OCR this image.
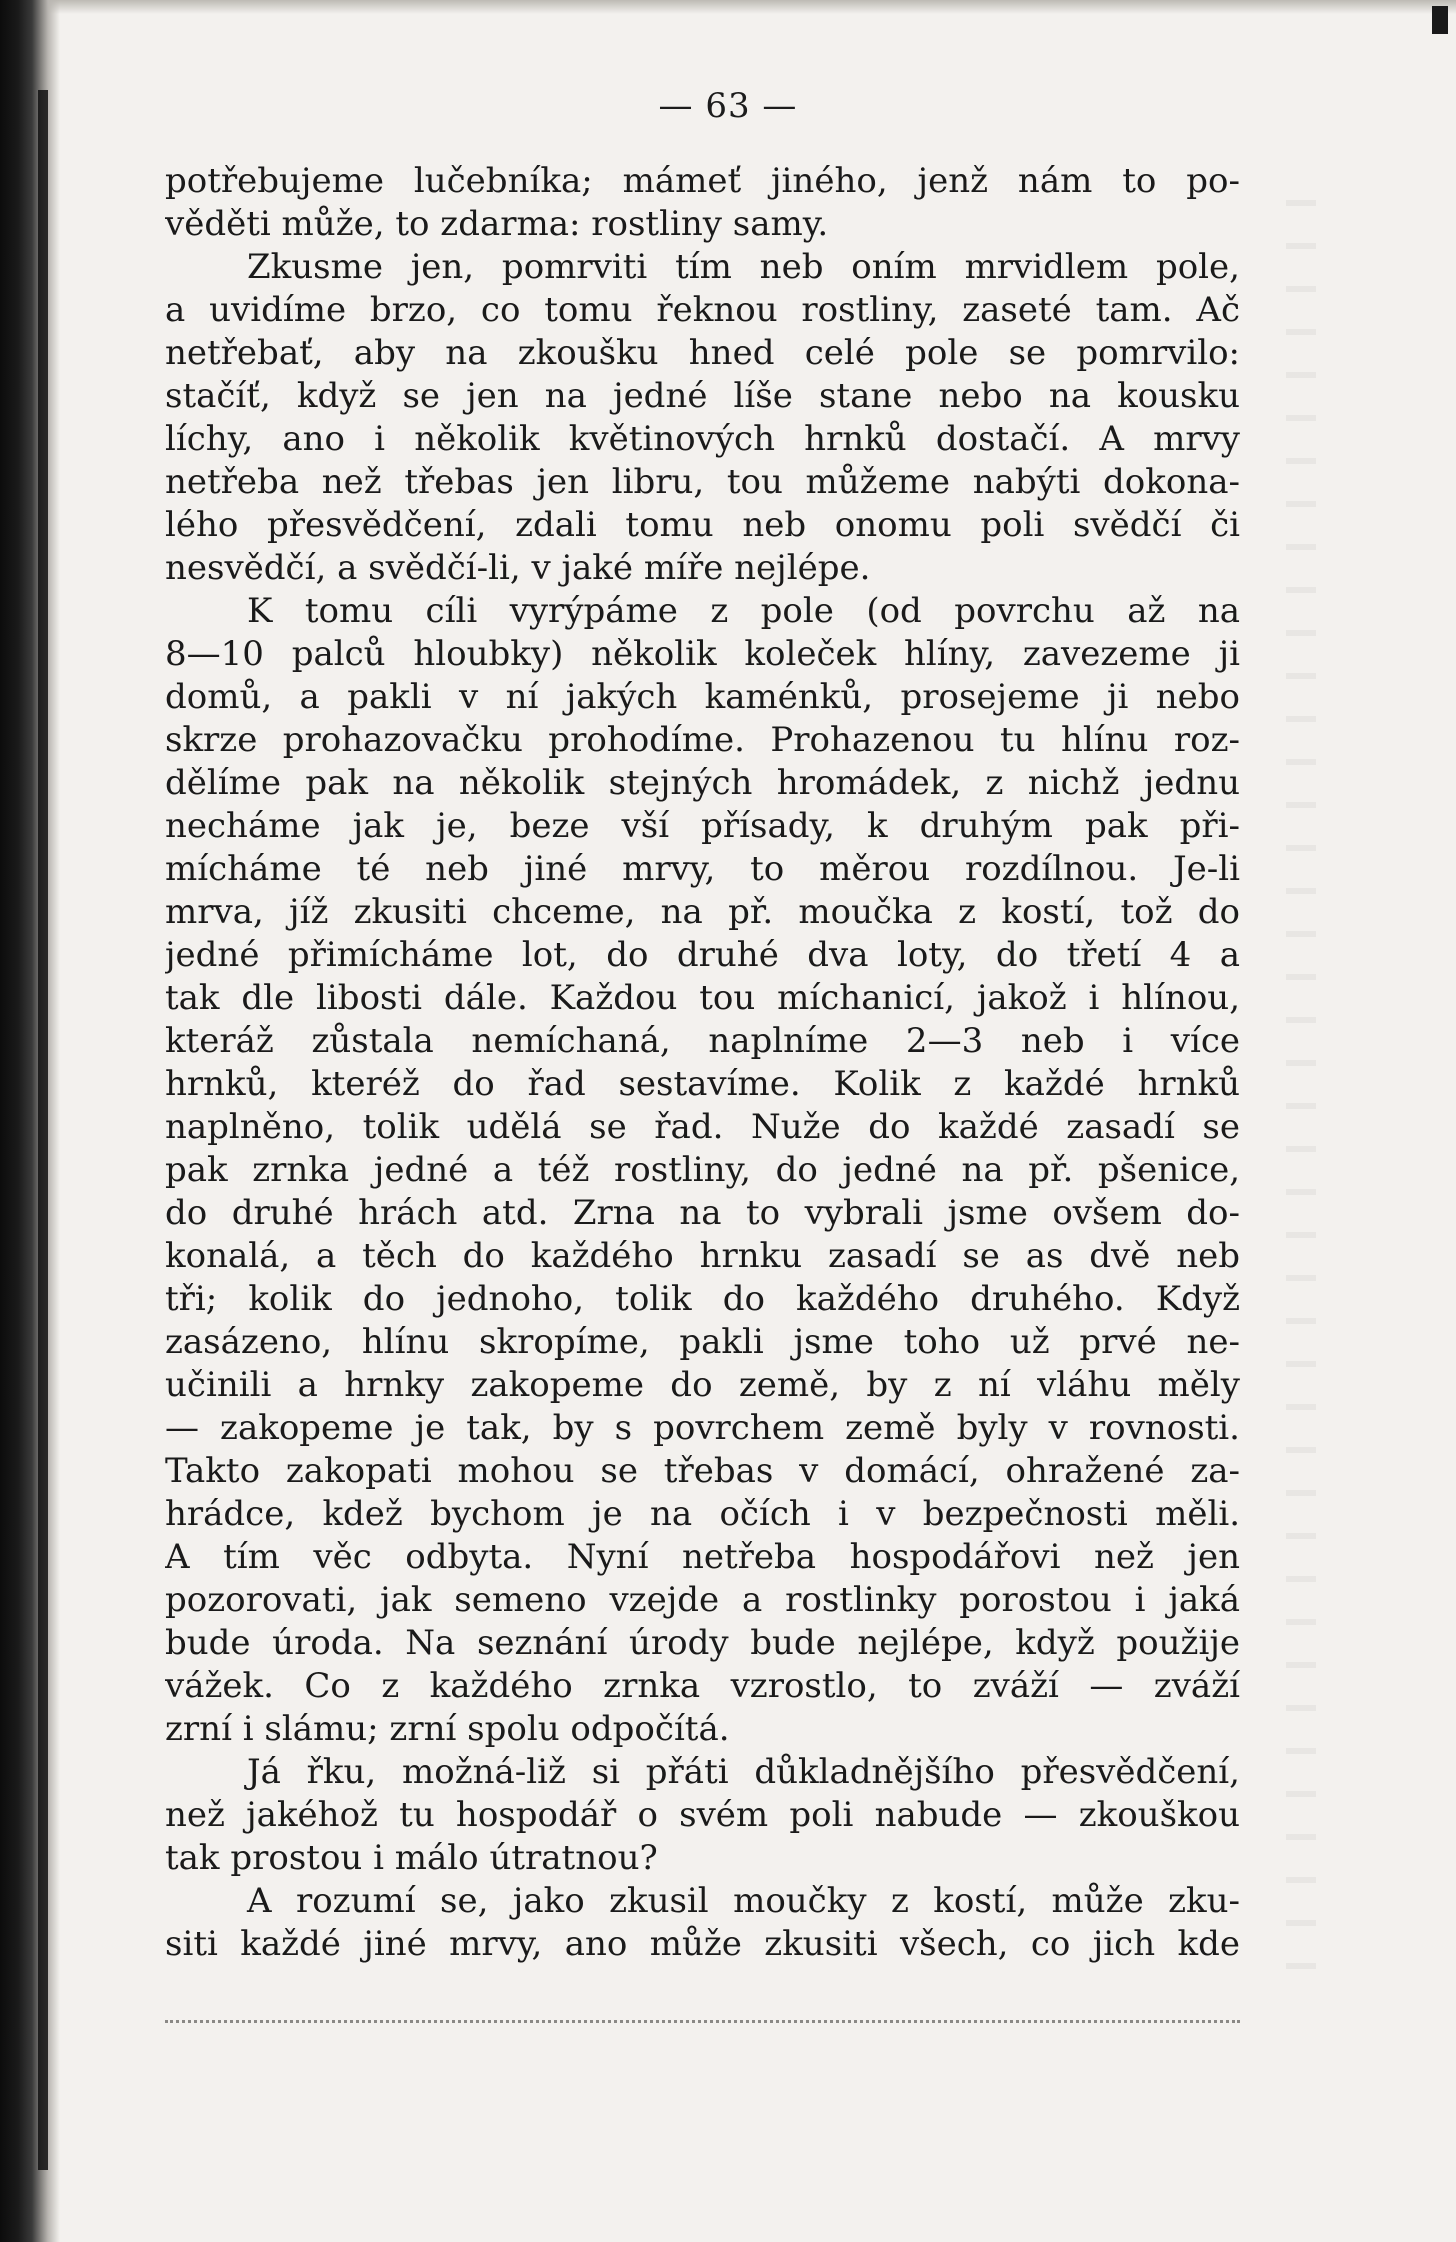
— 63 —
potřebujeme lučebníka; mámeť jiného, jenž nám to po-
věděti může, to zdarma: rostliny samy.
Zkusme jen, pomrviti tím neb oním mrvidlem pole,
a uvidíme brzo, co tomu řeknou rostliny, zaseté tam. Ač
netřebať, aby na zkoušku hned celé pole se pomrvilo:
stačíť, když se jen na jedné líše stane nebo na kousku
líchy, ano i několik květinových hrnků dostačí. A mrvy
netřeba než třebas jen libru, tou můžeme nabýti dokona-
lého přesvědčení, zdali tomu neb onomu poli svědčí či
nesvědčí, a svědčí-li, v jaké míře nejlépe.
K tomu cíli vyrýpáme z pole (od povrchu až na
8—10 palců hloubky) několik koleček hlíny, zavezeme ji
domů, a pakli v ní jakých kaménků, prosejeme ji nebo
skrze prohazovačku prohodíme. Prohazenou tu hlínu roz-
dělíme pak na několik stejných hromádek, z nichž jednu
necháme jak je, beze vší přísady, k druhým pak při-
mícháme té neb jiné mrvy, to měrou rozdílnou. Je-li
mrva, jíž zkusiti chceme, na př. moučka z kostí, tož do
jedné přimícháme lot, do druhé dva loty, do třetí 4 a
tak dle libosti dále. Každou tou míchanicí, jakož i hlínou,
kteráž zůstala nemíchaná, naplníme 2—3 neb i více
hrnků, kteréž do řad sestavíme. Kolik z každé hrnků
naplněno, tolik udělá se řad. Nuže do každé zasadí se
pak zrnka jedné a též rostliny, do jedné na př. pšenice,
do druhé hrách atd. Zrna na to vybrali jsme ovšem do-
konalá, a těch do každého hrnku zasadí se as dvě neb
tři; kolik do jednoho, tolik do každého druhého. Když
zasázeno, hlínu skropíme, pakli jsme toho už prvé ne-
učinili a hrnky zakopeme do země, by z ní vláhu měly
— zakopeme je tak, by s povrchem země byly v rovnosti.
Takto zakopati mohou se třebas v domácí, ohražené za-
hrádce, kdež bychom je na očích i v bezpečnosti měli.
A tím věc odbyta. Nyní netřeba hospodářovi než jen
pozorovati, jak semeno vzejde a rostlinky porostou i jaká
bude úroda. Na seznání úrody bude nejlépe, když použije
vážek. Co z každého zrnka vzrostlo, to zváží — zváží
zrní i slámu; zrní spolu odpočítá.
Já řku, možná-liž si přáti důkladnějšího přesvědčení,
než jakéhož tu hospodář o svém poli nabude — zkouškou
tak prostou i málo útratnou?
A rozumí se, jako zkusil moučky z kostí, může zku-
siti každé jiné mrvy, ano může zkusiti všech, co jich kde
